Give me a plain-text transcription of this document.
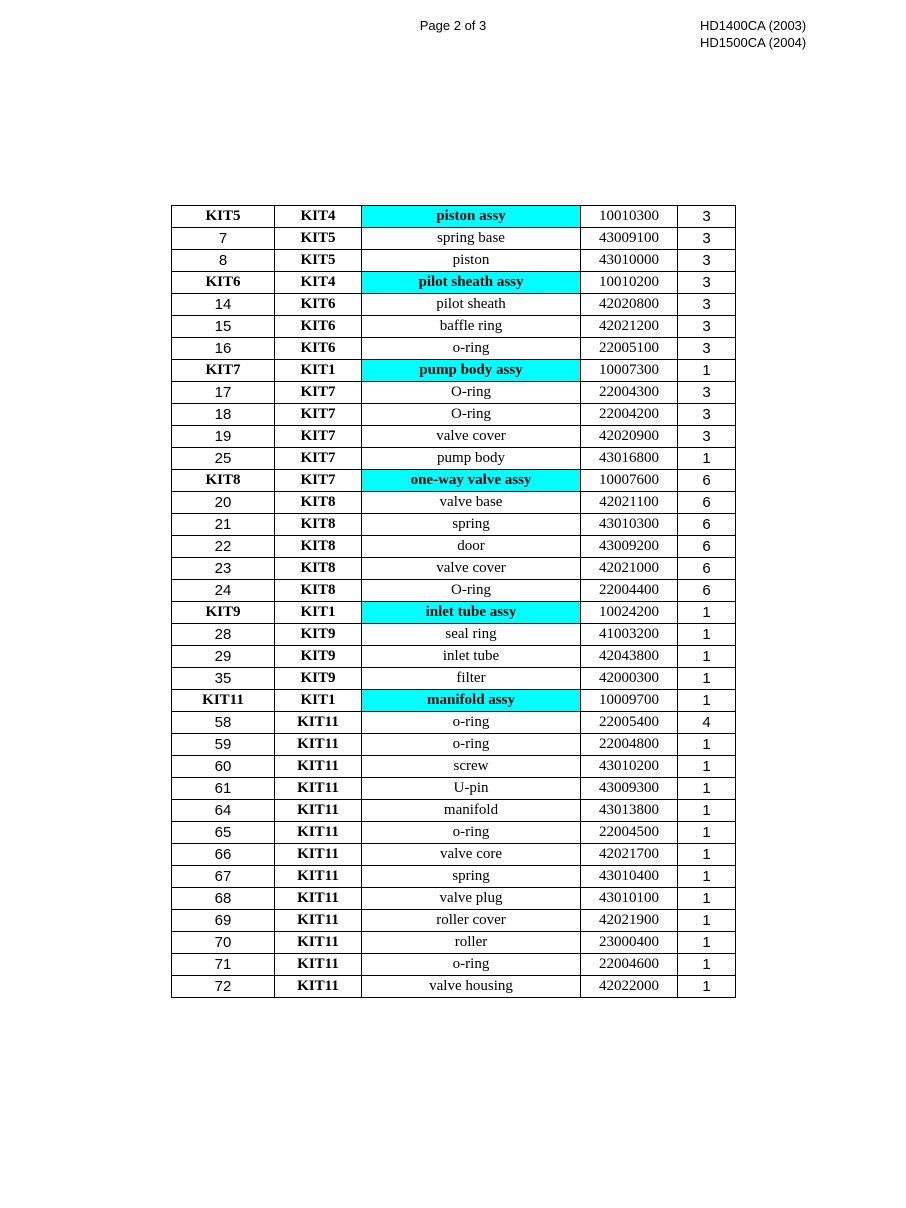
Page 2 of 3	HD1400CA (2003)
HD1500CA (2004)
KIT5	KIT4	piston assy	10010300	3
7	KIT5	spring base	43009100	3
8	KIT5	piston	43010000	3
KIT6	KIT4	pilot sheath assy	10010200	3
14	KIT6	pilot sheath	42020800	3
15	KIT6	baffle ring	42021200	3
16	KIT6	o-ring	22005100	3
KIT7	KIT1	pump body assy	10007300	1
17	KIT7	O-ring	22004300	3
18	KIT7	O-ring	22004200	3
19	KIT7	valve cover	42020900	3
25	KIT7	pump body	43016800	1
KIT8	KIT7	one-way valve assy	10007600	6
20	KIT8	valve base	42021100	6
21	KIT8	spring	43010300	6
22	KIT8	door	43009200	6
23	KIT8	valve cover	42021000	6
24	KIT8	O-ring	22004400	6
KIT9	KIT1	inlet tube assy	10024200	1
28	KIT9	seal ring	41003200	1
29	KIT9	inlet tube	42043800	1
35	KIT9	filter	42000300	1
KIT11	KIT1	manifold assy	10009700	1
58	KIT11	o-ring	22005400	4
59	KIT11	o-ring	22004800	1
60	KIT11	screw	43010200	1
61	KIT11	U-pin	43009300	1
64	KIT11	manifold	43013800	1
65	KIT11	o-ring	22004500	1
66	KIT11	valve core	42021700	1
67	KIT11	spring	43010400	1
68	KIT11	valve plug	43010100	1
69	KIT11	roller cover	42021900	1
70	KIT11	roller	23000400	1
71	KIT11	o-ring	22004600	1
72	KIT11	valve housing	42022000	1
